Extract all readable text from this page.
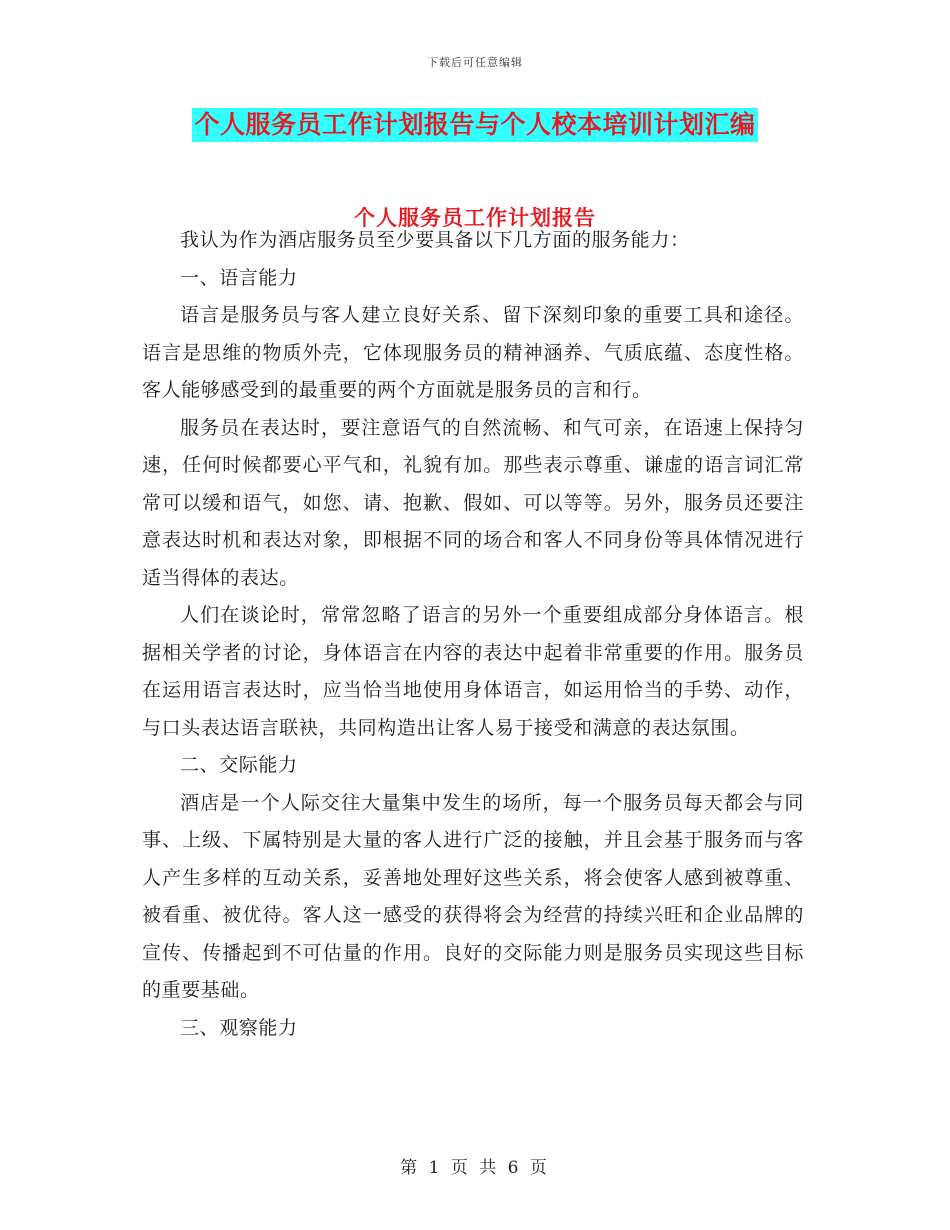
下载后可任意编辑
个人服务员工作计划报告与个人校本培训计划汇编
个人服务员工作计划报告

我认为作为酒店服务员至少要具备以下几方面的服务能力：

一、语言能力

语言是服务员与客人建立良好关系、留下深刻印象的重要工具和途径。语言是思维的物质外壳，它体现服务员的精神涵养、气质底蕴、态度性格。客人能够感受到的最重要的两个方面就是服务员的言和行。

服务员在表达时，要注意语气的自然流畅、和气可亲，在语速上保持匀速，任何时候都要心平气和，礼貌有加。那些表示尊重、谦虚的语言词汇常常可以缓和语气，如您、请、抱歉、假如、可以等等。另外，服务员还要注意表达时机和表达对象，即根据不同的场合和客人不同身份等具体情况进行适当得体的表达。

人们在谈论时，常常忽略了语言的另外一个重要组成部分身体语言。根据相关学者的讨论，身体语言在内容的表达中起着非常重要的作用。服务员在运用语言表达时，应当恰当地使用身体语言，如运用恰当的手势、动作，与口头表达语言联袂，共同构造出让客人易于接受和满意的表达氛围。

二、交际能力

酒店是一个人际交往大量集中发生的场所，每一个服务员每天都会与同事、上级、下属特别是大量的客人进行广泛的接触，并且会基于服务而与客人产生多样的互动关系，妥善地处理好这些关系，将会使客人感到被尊重、被看重、被优待。客人这一感受的获得将会为经营的持续兴旺和企业品牌的宣传、传播起到不可估量的作用。良好的交际能力则是服务员实现这些目标的重要基础。

三、观察能力

第 1 页 共 6 页
